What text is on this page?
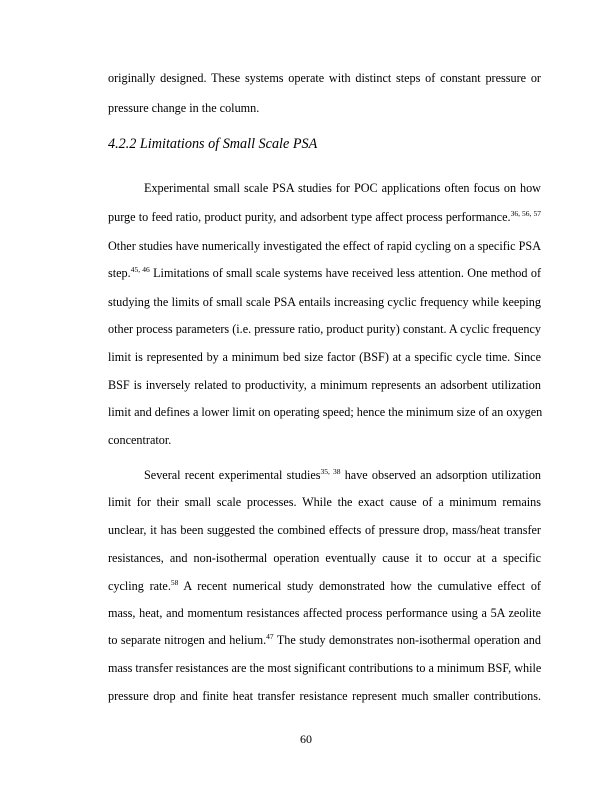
originally designed. These systems operate with distinct steps of constant pressure or
pressure change in the column.
4.2.2 Limitations of Small Scale PSA
Experimental small scale PSA studies for POC applications often focus on how
purge to feed ratio, product purity, and adsorbent type affect process performance.$^{36, 56, 57}$
Other studies have numerically investigated the effect of rapid cycling on a specific PSA
step.$^{45, 46}$ Limitations of small scale systems have received less attention. One method of
studying the limits of small scale PSA entails increasing cyclic frequency while keeping
other process parameters (i.e. pressure ratio, product purity) constant. A cyclic frequency
limit is represented by a minimum bed size factor (BSF) at a specific cycle time. Since
BSF is inversely related to productivity, a minimum represents an adsorbent utilization
limit and defines a lower limit on operating speed; hence the minimum size of an oxygen
concentrator.
Several recent experimental studies$^{35, 38}$ have observed an adsorption utilization
limit for their small scale processes. While the exact cause of a minimum remains
unclear, it has been suggested the combined effects of pressure drop, mass/heat transfer
resistances, and non-isothermal operation eventually cause it to occur at a specific
cycling rate.$^{58}$ A recent numerical study demonstrated how the cumulative effect of
mass, heat, and momentum resistances affected process performance using a 5A zeolite
to separate nitrogen and helium.$^{47}$ The study demonstrates non-isothermal operation and
mass transfer resistances are the most significant contributions to a minimum BSF, while
pressure drop and finite heat transfer resistance represent much smaller contributions.
60
